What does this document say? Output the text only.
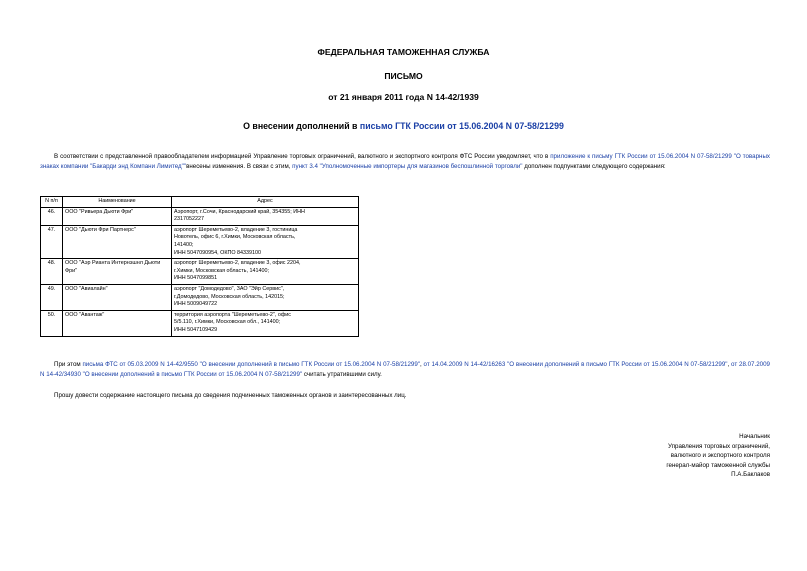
ФЕДЕРАЛЬНАЯ ТАМОЖЕННАЯ СЛУЖБА
ПИСЬМО
от 21 января 2011 года N 14-42/1939
О внесении дополнений в письмо ГТК России от 15.06.2004 N 07-58/21299
В соответствии с представленной правообладателем информацией Управление торговых ограничений, валютного и экспортного контроля ФТС России уведомляет, что в приложение к письму ГТК России от 15.06.2004 N 07-58/21299 "О товарных знаках компании "Бакарди энд Компани Лимитед""внесены изменения. В связи с этим, пункт 3.4 "Уполномоченные импортеры для магазинов беспошлинной торговли" дополнен подпунктами следующего содержания:
N п/п	Наименование	Адрес
46.	ООО "Ривьера Дьюти Фри"	Аэропорт, г.Сочи, Краснодарский край, 354355; ИНН
2317052227

47.	ООО "Дьюти Фри Партнерс"	аэропорт Шереметьево-2, владение 3, гостиница
Новотель, офис 6, г.Химки, Московская область,
141400;
ИНН 5047090954, ОКПО 84339100

48.	ООО "Аэр Рианта Интернэшнл Дьюти Фри"	аэропорт Шереметьево-2, владение 3, офис 2204,
г.Химки, Московская область, 141400;
ИНН 5047099851

49.	ООО "Авиалайн"	аэропорт "Домодедово", ЗАО "Эйр Сервис",
г.Домодедово, Московская область, 142015;
ИНН 5009049722

50.	ООО "Авантаж"	территория аэропорта "Шереметьево-2", офис
5/5.110, г.Химки, Московская обл., 141400;
ИНН 5047109429
При этом письма ФТС от 05.03.2009 N 14-42/9550 "О внесении дополнений в письмо ГТК России от 15.06.2004 N 07-58/21299", от 14.04.2009 N 14-42/16263 "О внесении дополнений в письмо ГТК России от 15.06.2004 N 07-58/21299", от 28.07.2009 N 14-42/34930 "О внесении дополнений в письмо ГТК России от 15.06.2004 N 07-58/21299" считать утратившими силу.
Прошу довести содержание настоящего письма до сведения подчиненных таможенных органов и заинтересованных лиц.
Начальник
Управления торговых ограничений,
валютного и экспортного контроля
генерал-майор таможенной службы
П.А.Баклаков
